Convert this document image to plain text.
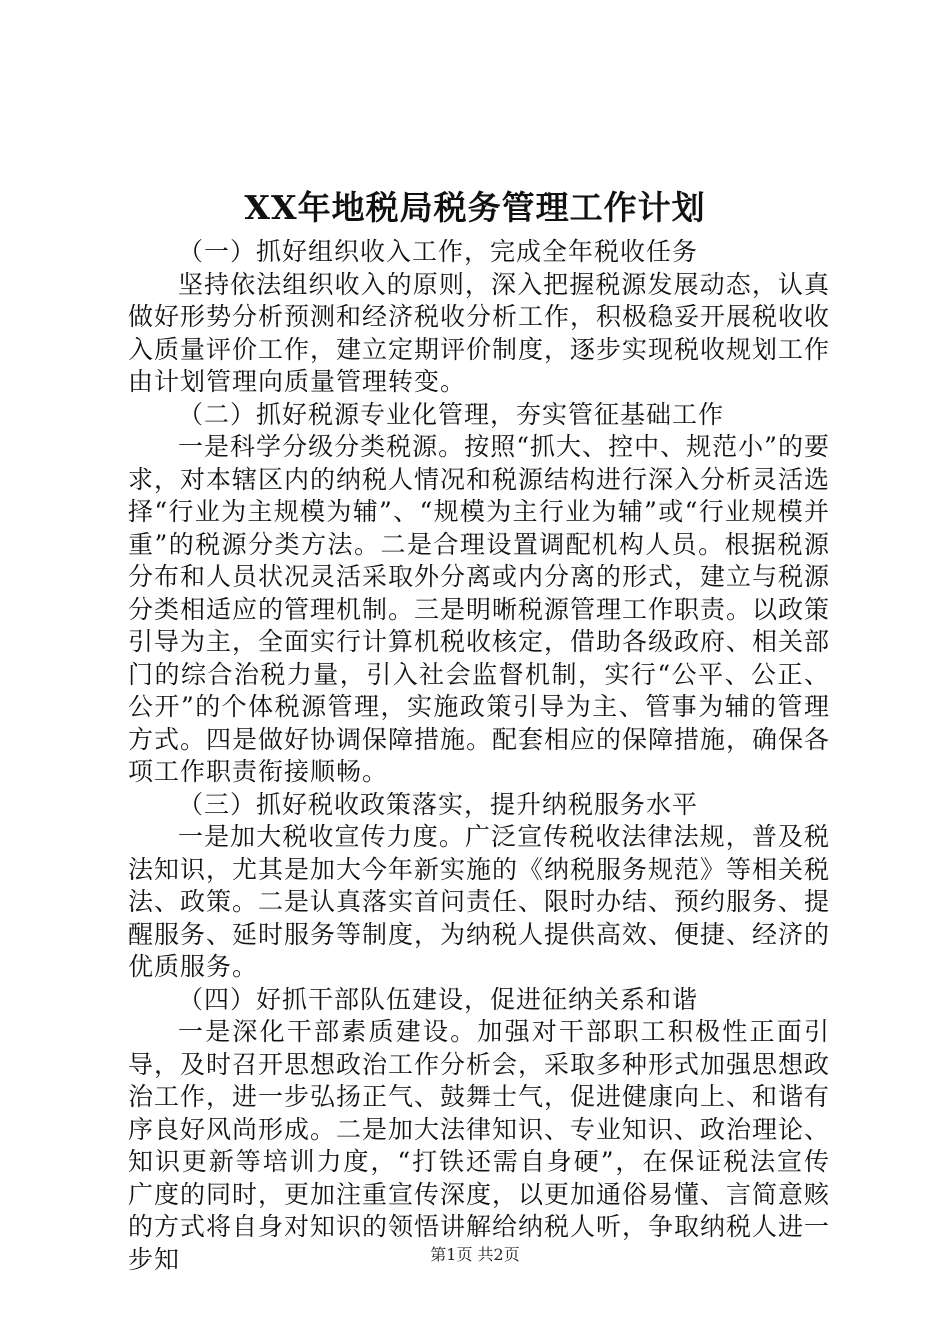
XX年地税局税务管理工作计划

（一）抓好组织收入工作，完成全年税收任务

坚持依法组织收入的原则，深入把握税源发展动态，认真做好形势分析预测和经济税收分析工作，积极稳妥开展税收收入质量评价工作，建立定期评价制度，逐步实现税收规划工作由计划管理向质量管理转变。

（二）抓好税源专业化管理，夯实管征基础工作

一是科学分级分类税源。按照“抓大、控中、规范小”的要求，对本辖区内的纳税人情况和税源结构进行深入分析灵活选择“行业为主规模为辅”、“规模为主行业为辅”或“行业规模并重”的税源分类方法。二是合理设置调配机构人员。根据税源分布和人员状况灵活采取外分离或内分离的形式，建立与税源分类相适应的管理机制。三是明晰税源管理工作职责。以政策引导为主，全面实行计算机税收核定，借助各级政府、相关部门的综合治税力量，引入社会监督机制，实行“公平、公正、公开”的个体税源管理，实施政策引导为主、管事为辅的管理方式。四是做好协调保障措施。配套相应的保障措施，确保各项工作职责衔接顺畅。

（三）抓好税收政策落实，提升纳税服务水平

一是加大税收宣传力度。广泛宣传税收法律法规，普及税法知识，尤其是加大今年新实施的《纳税服务规范》等相关税法、政策。二是认真落实首问责任、限时办结、预约服务、提醒服务、延时服务等制度，为纳税人提供高效、便捷、经济的优质服务。

（四）好抓干部队伍建设，促进征纳关系和谐

一是深化干部素质建设。加强对干部职工积极性正面引导，及时召开思想政治工作分析会，采取多种形式加强思想政治工作，进一步弘扬正气、鼓舞士气，促进健康向上、和谐有序良好风尚形成。二是加大法律知识、专业知识、政治理论、知识更新等培训力度，“打铁还需自身硬”，在保证税法宣传广度的同时，更加注重宣传深度，以更加通俗易懂、言简意赅的方式将自身对知识的领悟讲解给纳税人听，争取纳税人进一步知	第1页 共2页
